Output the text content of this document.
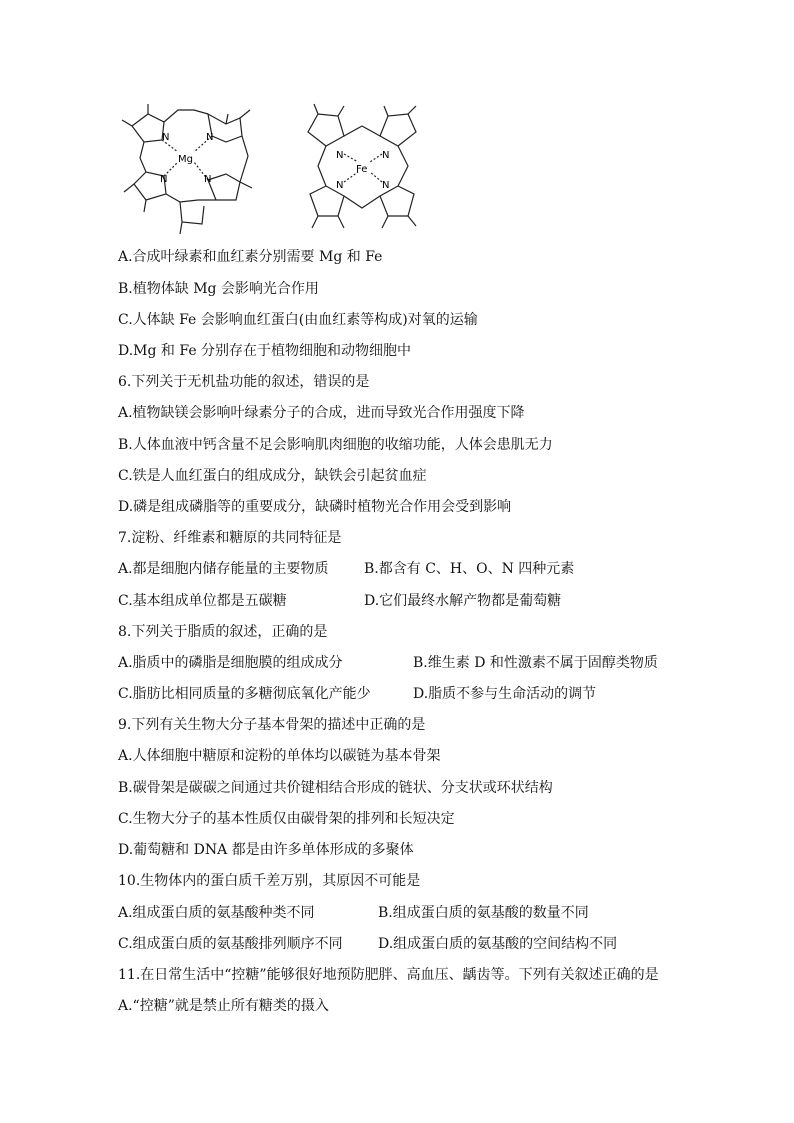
N	N
N	N
Mg	N	N
N	N
Fe
A.合成叶绿素和血红素分别需要 Mg 和 Fe
B.植物体缺 Mg 会影响光合作用
C.人体缺 Fe 会影响血红蛋白(由血红素等构成)对氧的运输
D.Mg 和 Fe 分别存在于植物细胞和动物细胞中
6.下列关于无机盐功能的叙述，错误的是
A.植物缺镁会影响叶绿素分子的合成，进而导致光合作用强度下降
B.人体血液中钙含量不足会影响肌肉细胞的收缩功能，人体会患肌无力
C.铁是人血红蛋白的组成成分，缺铁会引起贫血症
D.磷是组成磷脂等的重要成分，缺磷时植物光合作用会受到影响
7.淀粉、纤维素和糖原的共同特征是
A.都是细胞内储存能量的主要物质	B.都含有 C、H、O、N 四种元素
C.基本组成单位都是五碳糖	D.它们最终水解产物都是葡萄糖
8.下列关于脂质的叙述，正确的是
A.脂质中的磷脂是细胞膜的组成成分	B.维生素 D 和性激素不属于固醇类物质
C.脂肪比相同质量的多糖彻底氧化产能少	D.脂质不参与生命活动的调节
9.下列有关生物大分子基本骨架的描述中正确的是
A.人体细胞中糖原和淀粉的单体均以碳链为基本骨架
B.碳骨架是碳碳之间通过共价键相结合形成的链状、分支状或环状结构
C.生物大分子的基本性质仅由碳骨架的排列和长短决定
D.葡萄糖和 DNA 都是由许多单体形成的多聚体
10.生物体内的蛋白质千差万别，其原因不可能是
A.组成蛋白质的氨基酸种类不同	B.组成蛋白质的氨基酸的数量不同
C.组成蛋白质的氨基酸排列顺序不同	D.组成蛋白质的氨基酸的空间结构不同
11.在日常生活中“控糖”能够很好地预防肥胖、高血压、龋齿等。下列有关叙述正确的是
A.“控糖”就是禁止所有糖类的摄入
